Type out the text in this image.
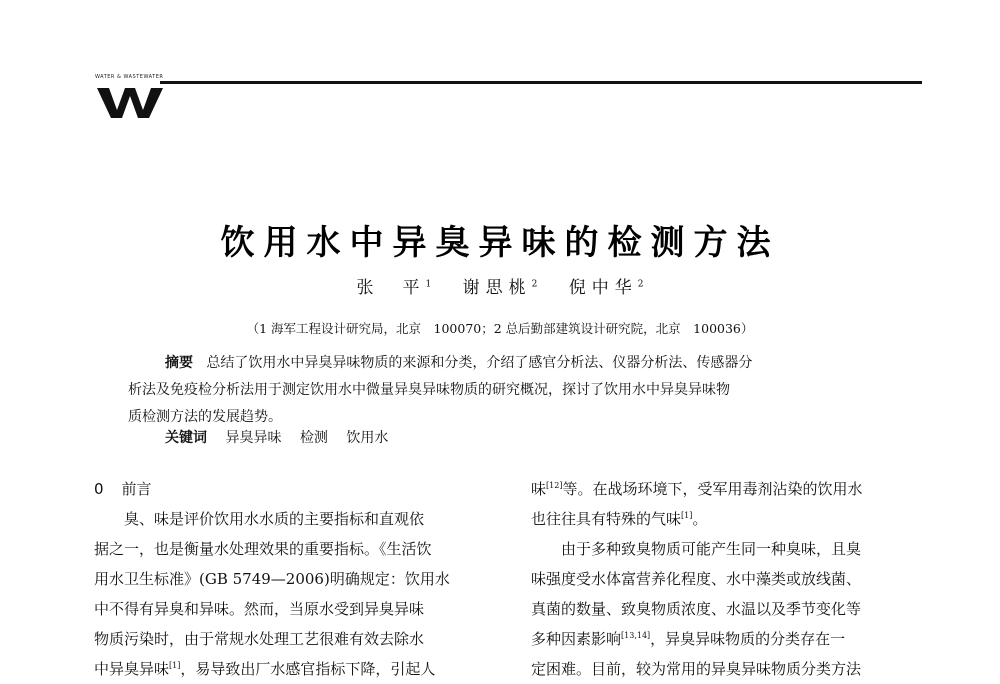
WATER & WASTEWATER
饮用水中异臭异味的检测方法
张　平$^1$ 谢思桃$^2$ 倪中华$^2$
（1 海军工程设计研究局，北京　100070；2 总后勤部建筑设计研究院，北京　100036）
摘要 总结了饮用水中异臭异味物质的来源和分类，介绍了感官分析法、仪器分析法、传感器分
析法及免疫检分析法用于测定饮用水中微量异臭异味物质的研究概况，探讨了饮用水中异臭异味物
质检测方法的发展趋势。
关键词 异臭异味 检测 饮用水
0 前言
臭、味是评价饮用水水质的主要指标和直观依
据之一，也是衡量水处理效果的重要指标。《生活饮
用水卫生标准》(GB 5749—2006)明确规定：饮用水
中不得有异臭和异味。然而，当原水受到异臭异味
物质污染时，由于常规水处理工艺很难有效去除水
中异臭异味[1]，易导致出厂水感官指标下降，引起人
味[12]等。在战场环境下，受军用毒剂沾染的饮用水
也往往具有特殊的气味[1]。
由于多种致臭物质可能产生同一种臭味，且臭
味强度受水体富营养化程度、水中藻类或放线菌、
真菌的数量、致臭物质浓度、水温以及季节变化等
多种因素影响[13,14]，异臭异味物质的分类存在一
定困难。目前，较为常用的异臭异味物质分类方法
